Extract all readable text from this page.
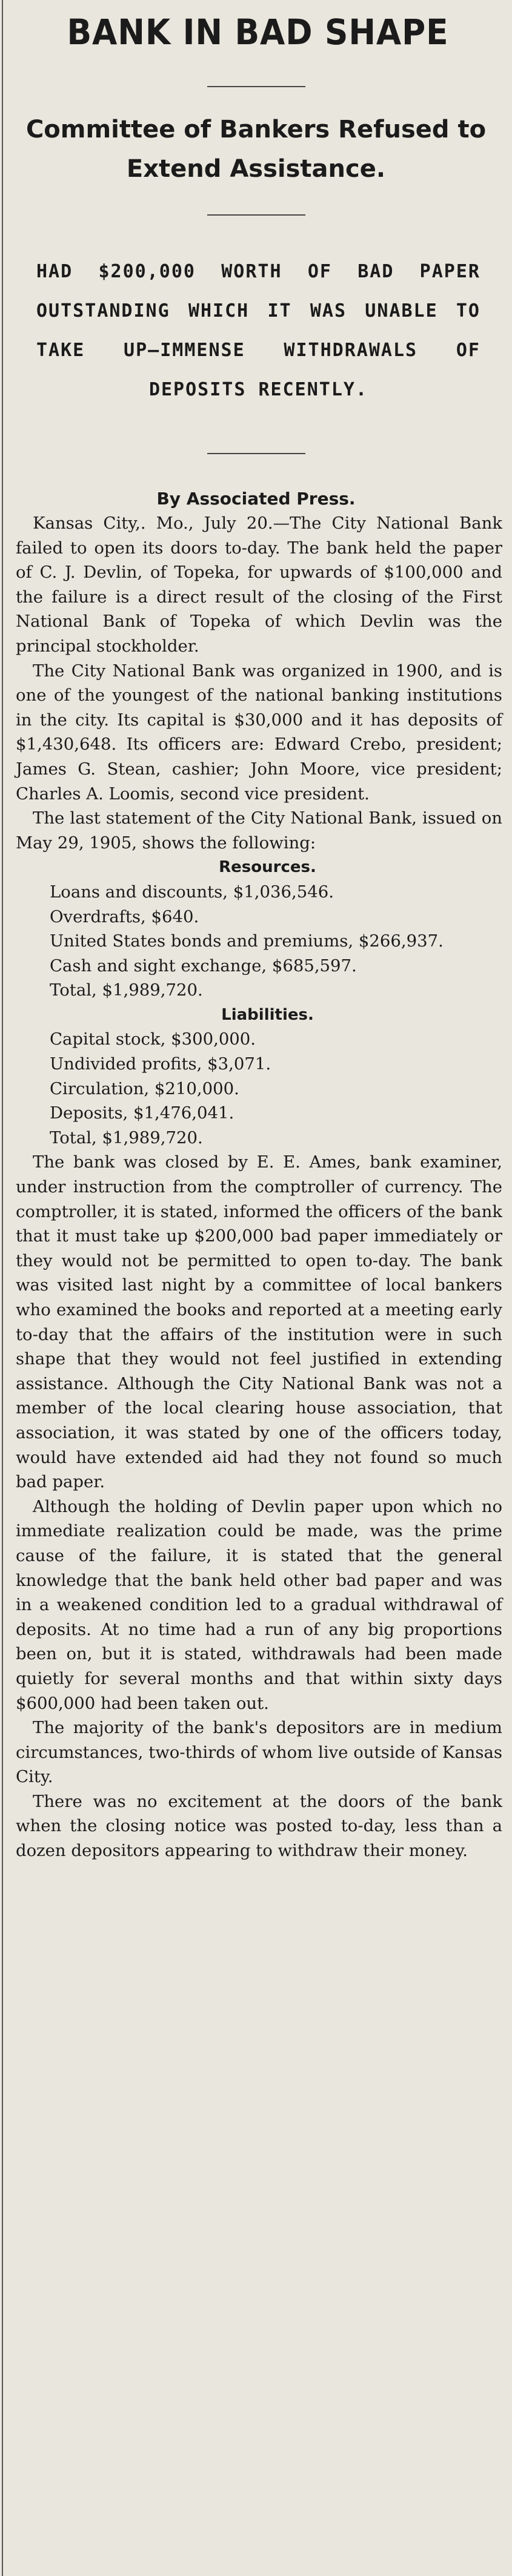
BANK IN BAD SHAPE
Committee of Bankers Refused to Extend Assistance.
HAD $200,000 WORTH OF BAD PAPER OUTSTANDING WHICH IT WAS UNABLE TO TAKE UP—IMMENSE WITHDRAWALS OF DEPOSITS RECENTLY.
By Associated Press.

Kansas City,. Mo., July 20.—The City National Bank failed to open its doors to-day. The bank held the paper of C. J. Devlin, of Topeka, for upwards of $100,000 and the failure is a direct result of the closing of the First National Bank of Topeka of which Devlin was the principal stockholder.

The City National Bank was organized in 1900, and is one of the youngest of the national banking institutions in the city. Its capital is $30,000 and it has deposits of $1,430,648. Its officers are: Edward Crebo, president; James G. Stean, cashier; John Moore, vice president; Charles A. Loomis, second vice president.

The last statement of the City National Bank, issued on May 29, 1905, shows the following:

Resources.

Loans and discounts, $1,036,546.

Overdrafts, $640.

United States bonds and premiums, $266,937.

Cash and sight exchange, $685,597.

Total, $1,989,720.

Liabilities.

Capital stock, $300,000.

Undivided profits, $3,071.

Circulation, $210,000.

Deposits, $1,476,041.

Total, $1,989,720.

The bank was closed by E. E. Ames, bank examiner, under instruction from the comptroller of currency. The comptroller, it is stated, informed the officers of the bank that it must take up $200,000 bad paper immediately or they would not be permitted to open to-day. The bank was visited last night by a committee of local bankers who examined the books and reported at a meeting early to-day that the affairs of the institution were in such shape that they would not feel justified in extending assistance. Although the City National Bank was not a member of the local clearing house association, that association, it was stated by one of the officers today, would have extended aid had they not found so much bad paper.

Although the holding of Devlin paper upon which no immediate realization could be made, was the prime cause of the failure, it is stated that the general knowledge that the bank held other bad paper and was in a weakened condition led to a gradual withdrawal of deposits. At no time had a run of any big proportions been on, but it is stated, withdrawals had been made quietly for several months and that within sixty days $600,000 had been taken out.

The majority of the bank's depositors are in medium circumstances, two-thirds of whom live outside of Kansas City.

There was no excitement at the doors of the bank when the closing notice was posted to-day, less than a dozen depositors appearing to withdraw their money.
